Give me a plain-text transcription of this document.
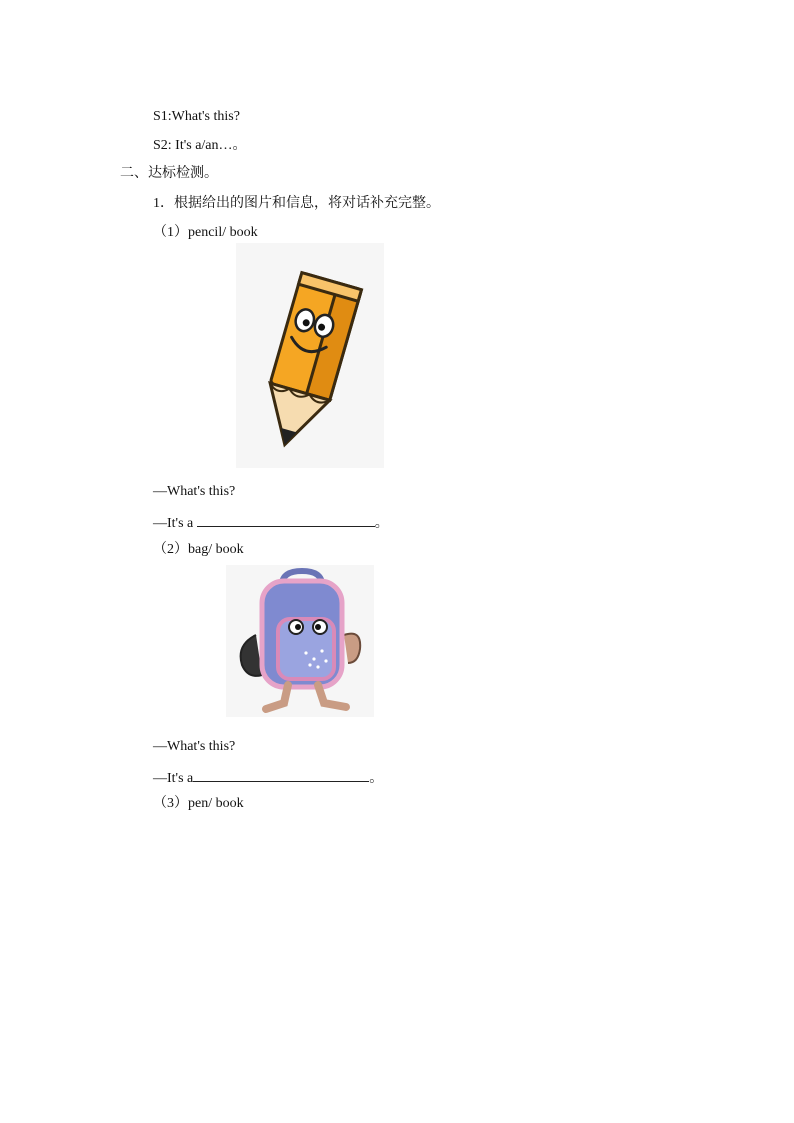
S1:What's this?
S2: It's a/an…。
二、达标检测。
1．根据给出的图片和信息，将对话补充完整。
（1）pencil/ book
—What's this?
—It's a	。
（2）bag/ book
—What's this?
—It's a	。
（3）pen/ book
